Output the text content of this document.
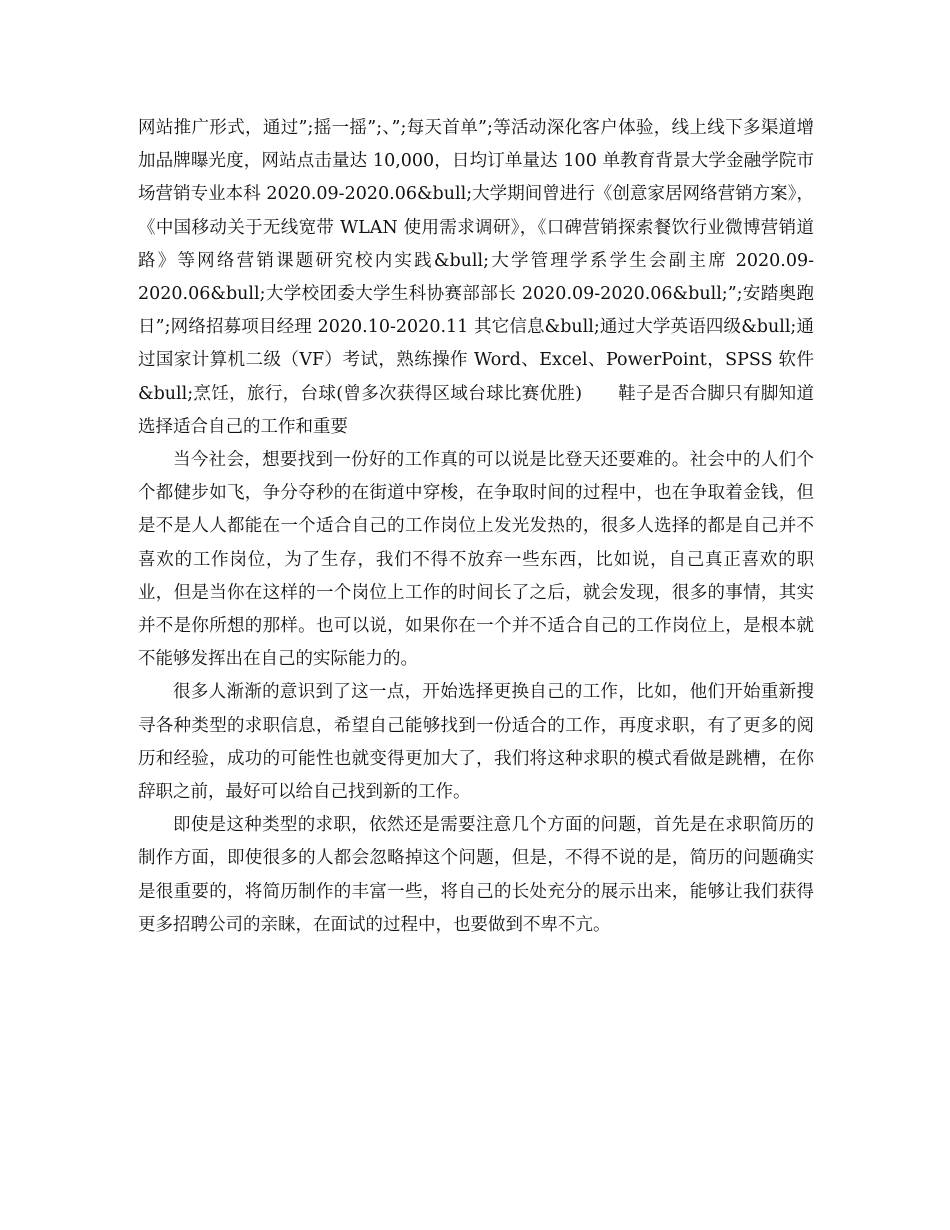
网站推广形式，通过”;摇一摇”;、”;每天首单”;等活动深化客户体验，线上线下多渠道增加品牌曝光度，网站点击量达 10,000，日均订单量达 100 单教育背景大学金融学院市场营销专业本科 2020.09-2020.06&bull;大学期间曾进行《创意家居网络营销方案》，《中国移动关于无线宽带 WLAN 使用需求调研》，《口碑营销探索餐饮行业微博营销道路》等网络营销课题研究校内实践&bull;大学管理学系学生会副主席 2020.09-2020.06&bull;大学校团委大学生科协赛部部长 2020.09-2020.06&bull;”;安踏奥跑日”;网络招募项目经理 2020.10-2020.11 其它信息&bull;通过大学英语四级&bull;通过国家计算机二级（VF）考试，熟练操作 Word、Excel、PowerPoint，SPSS 软件&bull;烹饪，旅行，台球(曾多次获得区域台球比赛优胜)　　鞋子是否合脚只有脚知道 选择适合自己的工作和重要

当今社会，想要找到一份好的工作真的可以说是比登天还要难的。社会中的人们个个都健步如飞，争分夺秒的在街道中穿梭，在争取时间的过程中，也在争取着金钱，但是不是人人都能在一个适合自己的工作岗位上发光发热的，很多人选择的都是自己并不喜欢的工作岗位，为了生存，我们不得不放弃一些东西，比如说，自己真正喜欢的职业，但是当你在这样的一个岗位上工作的时间长了之后，就会发现，很多的事情，其实并不是你所想的那样。也可以说，如果你在一个并不适合自己的工作岗位上，是根本就不能够发挥出在自己的实际能力的。

很多人渐渐的意识到了这一点，开始选择更换自己的工作，比如，他们开始重新搜寻各种类型的求职信息，希望自己能够找到一份适合的工作，再度求职，有了更多的阅历和经验，成功的可能性也就变得更加大了，我们将这种求职的模式看做是跳槽，在你辞职之前，最好可以给自己找到新的工作。

即使是这种类型的求职，依然还是需要注意几个方面的问题，首先是在求职简历的制作方面，即使很多的人都会忽略掉这个问题，但是，不得不说的是，简历的问题确实是很重要的，将简历制作的丰富一些，将自己的长处充分的展示出来，能够让我们获得更多招聘公司的亲睐，在面试的过程中，也要做到不卑不亢。
